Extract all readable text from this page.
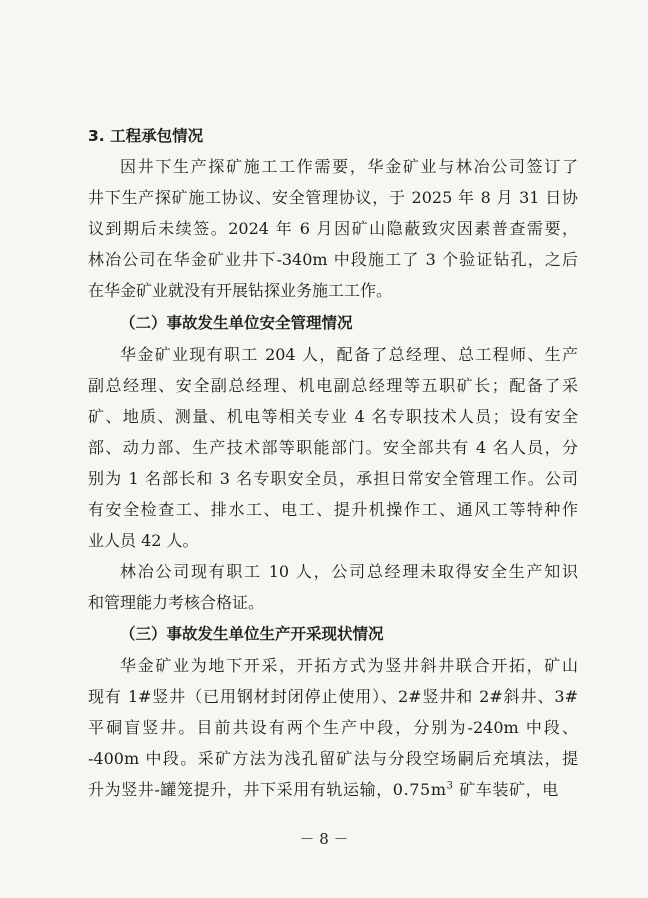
3. 工程承包情况
因井下生产探矿施工工作需要，华金矿业与林冶公司签订了
井下生产探矿施工协议、安全管理协议，于 2025 年 8 月 31 日协
议到期后未续签。2024 年 6 月因矿山隐蔽致灾因素普查需要，
林冶公司在华金矿业井下-340m 中段施工了 3 个验证钻孔，之后
在华金矿业就没有开展钻探业务施工工作。
（二）事故发生单位安全管理情况
华金矿业现有职工 204 人，配备了总经理、总工程师、生产
副总经理、安全副总经理、机电副总经理等五职矿长；配备了采
矿、地质、测量、机电等相关专业 4 名专职技术人员；设有安全
部、动力部、生产技术部等职能部门。安全部共有 4 名人员，分
别为 1 名部长和 3 名专职安全员，承担日常安全管理工作。公司
有安全检查工、排水工、电工、提升机操作工、通风工等特种作
业人员 42 人。
林冶公司现有职工 10 人，公司总经理未取得安全生产知识
和管理能力考核合格证。
（三）事故发生单位生产开采现状情况
华金矿业为地下开采，开拓方式为竖井斜井联合开拓，矿山
现有 1#竖井（已用钢材封闭停止使用）、2#竖井和 2#斜井、3#
平硐盲竖井。目前共设有两个生产中段，分别为-240m 中段、
-400m 中段。采矿方法为浅孔留矿法与分段空场嗣后充填法，提
升为竖井-罐笼提升，井下采用有轨运输，$0.75m^3$ 矿车装矿，电
－ 8 －
